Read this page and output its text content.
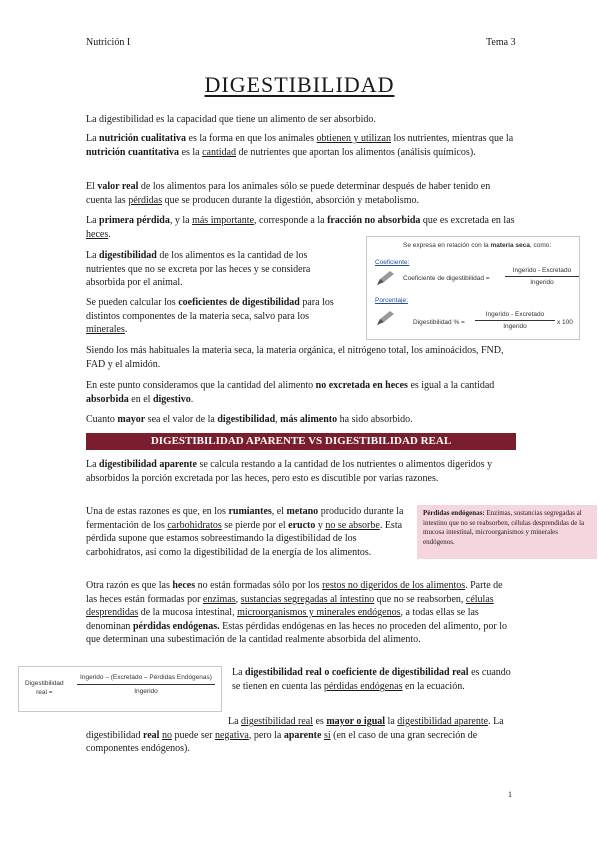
Nutrición I	Tema 3
DIGESTIBILIDAD
La digestibilidad es la capacidad que tiene un alimento de ser absorbido.
La nutrición cualitativa es la forma en que los animales obtienen y utilizan los nutrientes, mientras que la nutrición cuantitativa es la cantidad de nutrientes que aportan los alimentos (análisis químicos).
El valor real de los alimentos para los animales sólo se puede determinar después de haber tenido en cuenta las pérdidas que se producen durante la digestión, absorción y metabolismo.
La primera pérdida, y la más importante, corresponde a la fracción no absorbida que es excretada en las heces.
La digestibilidad de los alimentos es la cantidad de los nutrientes que no se excreta por las heces y se considera absorbida por el animal.
Se pueden calcular los coeficientes de digestibilidad para los distintos componentes de la materia seca, salvo para los minerales.
Se expresa en relación con la materia seca, como:
Coeficiente:
Coeficiente de digestibilidad =
Ingerido - Excretado
Ingerido
Porcentaje:
Digestibilidad % =
Ingerido - Excretado
Ingerido
x 100
Siendo los más habituales la materia seca, la materia orgánica, el nitrógeno total, los aminoácidos, FND, FAD y el almidón.
En este punto consideramos que la cantidad del alimento no excretada en heces es igual a la cantidad absorbida en el digestivo.
Cuanto mayor sea el valor de la digestibilidad, más alimento ha sido absorbido.
DIGESTIBILIDAD APARENTE VS DIGESTIBILIDAD REAL
La digestibilidad aparente se calcula restando a la cantidad de los nutrientes o alimentos digeridos y absorbidos la porción excretada por las heces, pero esto es discutible por varias razones.
Una de estas razones es que, en los rumiantes, el metano producido durante la fermentación de los carbohidratos se pierde por el eructo y no se absorbe. Esta pérdida supone que estamos sobreestimando la digestibilidad de los carbohidratos, así como la digestibilidad de la energía de los alimentos.
Pérdidas endógenas: Enzimas, sustancias segregadas al intestino que no se reabsorben, células desprendidas de la mucosa intestinal, microorganismos y minerales endógenos.
Otra razón es que las heces no están formadas sólo por los restos no digeridos de los alimentos. Parte de las heces están formadas por enzimas, sustancias segregadas al intestino que no se reabsorben, células desprendidas de la mucosa intestinal, microorganismos y minerales endógenos, a todas ellas se las denominan pérdidas endógenas. Estas pérdidas endógenas en las heces no proceden del alimento, por lo que determinan una subestimación de la cantidad realmente absorbida del alimento.
Digestibilidad
real =
Ingerido – (Excretado – Pérdidas Endógenas)
Ingerido
La digestibilidad real o coeficiente de digestibilidad real es cuando se tienen en cuenta las pérdidas endógenas en la ecuación.
La digestibilidad real es mayor o igual la digestibilidad aparente. La digestibilidad real no puede ser negativa, pero la aparente sí (en el caso de una gran secreción de componentes endógenos).
1
